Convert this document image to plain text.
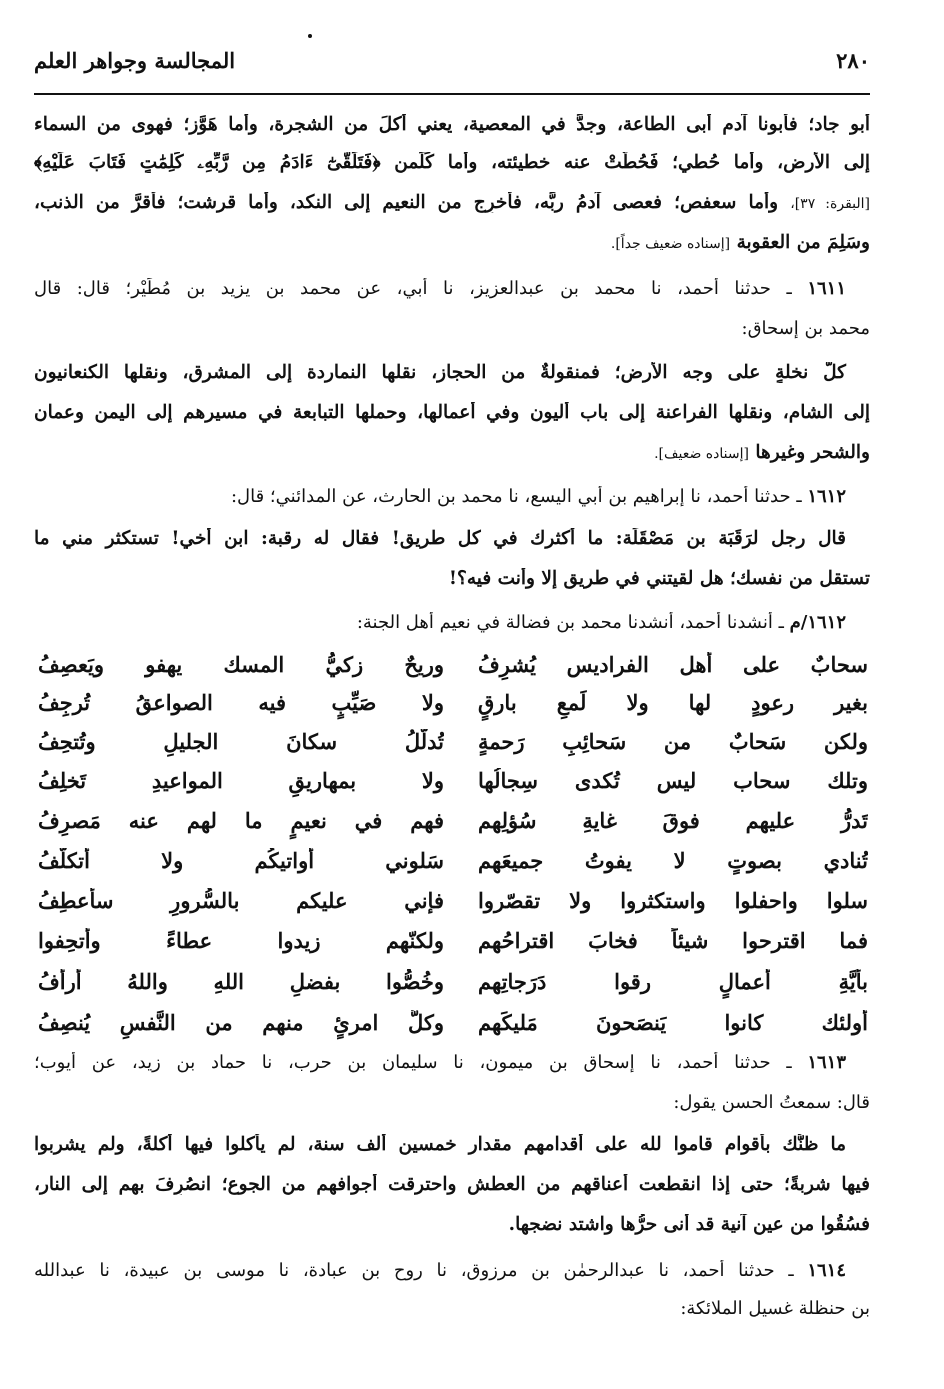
٢٨٠
المجالسة وجواهر العلم
أبو جاد؛ فأبونا آدم أبى الطاعة، وجدَّ في المعصية، يعني أكلَ من الشجرة، وأما هَوَّز؛ فهوى من السماء
إلى الأرض، وأما حُطي؛ فَحُطَّتْ عنه خطيئته، وأما كَلَمن ﴿فَتَلَقَّىٰٓ ءَادَمُ مِن رَّبِّهِۦ كَلِمَٰتٍ فَتَابَ عَلَيْهِ﴾
[البقرة: ٣٧]، وأما سعفص؛ فعصى آدمُ ربَّه، فأُخرِج من النعيم إلى النكد، وأما قرشت؛ فأقرَّ من الذنب،
وسَلِمَ من العقوبة [إسناده ضعيف جداً].
١٦١١ ـ حدثنا أحمد، نا محمد بن عبدالعزيز، نا أبي، عن محمد بن يزيد بن مُطَيْر؛ قال: قال
محمد بن إسحاق:
كلُّ نخلةٍ على وجه الأرض؛ فمنقولةٌ من الحجاز، نقلها النماردة إلى المشرق، ونقلها الكنعانيون
إلى الشام، ونقلها الفراعنة إلى باب أليون وفي أعمالها، وحملها التبابعة في مسيرهم إلى اليمن وعمان
والشحر وغيرها [إسناده ضعيف].
١٦١٢ ـ حدثنا أحمد، نا إبراهيم بن أبي اليسع، نا محمد بن الحارث، عن المدائني؛ قال:
قال رجل لرَقَبَة بن مَصْقَلَة: ما أكثرك في كل طريق! فقال له رقبة: ابن أخي! تستكثر مني ما
تستقل من نفسك؛ هل لقيتني في طريق إلا وأنت فيه؟!
١٦١٢/م ـ أنشدنا أحمد، أنشدنا محمد بن فضالة في نعيم أهل الجنة:
سحابٌ على أهل الفراديس يُشرِفُ
وريحٌ زكيُّ المسك يهفو ويَعصِفُ
بغير رعودٍ لها ولا لَمعِ بارقٍ
ولا صَيِّبٍ فيه الصواعقُ تُرجِفُ
ولكن سَحابٌ من سَحائِبِ رَحمةٍ
تُدلَّلُ سكانَ الجليلِ وتُتحِفُ
وتلك سحاب ليس تُكدى سِجالُها
ولا بمهاريقِ المواعيدِ تَخلِفُ
تَدرُّ عليهم فوقَ غايةِ سُؤلِهم
فهم في نعيمٍ ما لهم عنه مَصرِفُ
تُنادي بصوتٍ لا يفوتُ جميعَهم
سَلوني أُواتيكُم ولا أتكلَّفُ
سلوا واحفلوا واستكثروا ولا تقصّروا
فإني عليكم بالسُّرورِ سأعطِفُ
فما اقترحوا شيئاً فخابَ اقتراحُهم
ولكنّهم زيدوا عطاءً وأُتحِفوا
بأيَّةِ أعمالٍ رقوا دَرَجاتِهم
وخُصُّوا بفضلِ اللهِ واللهُ أرأفُ
أولئك كانوا يَنصَحونَ مَليكَهم
وكلُّ امرئٍ منهم من النَّفسِ يُنصِفُ
١٦١٣ ـ حدثنا أحمد، نا إسحاق بن ميمون، نا سليمان بن حرب، نا حماد بن زيد، عن أيوب؛
قال: سمعتُ الحسن يقول:
ما ظنُّك بأقوام قاموا لله على أقدامهم مقدار خمسين ألف سنة، لم يأكلوا فيها أكلةً، ولم يشربوا
فيها شربةً؛ حتى إذا انقطعت أعناقهم من العطش واحترقت أجوافهم من الجوع؛ انصُرِفَ بهم إلى النار،
فسُقُوا من عين آنية قد أنى حرُّها واشتد نضجها.
١٦١٤ ـ حدثنا أحمد، نا عبدالرحمٰن بن مرزوق، نا روح بن عبادة، نا موسى بن عبيدة، نا عبدالله
بن حنظلة غسيل الملائكة:
